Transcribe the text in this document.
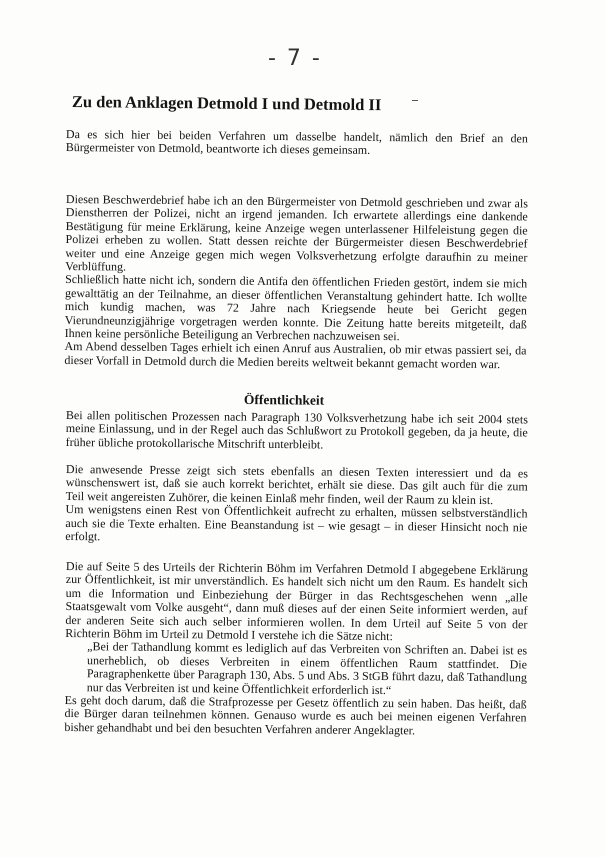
- 7 -
Zu den Anklagen Detmold I und Detmold II

Da es sich hier bei beiden Verfahren um dasselbe handelt, nämlich den Brief an den Bürgermeister von Detmold, beantworte ich dieses gemeinsam.

Diesen Beschwerdebrief habe ich an den Bürgermeister von Detmold geschrieben und zwar als Dienstherren der Polizei, nicht an irgend jemanden. Ich erwartete allerdings eine dankende Bestätigung für meine Erklärung, keine Anzeige wegen unterlassener Hilfeleistung gegen die Polizei erheben zu wollen. Statt dessen reichte der Bürgermeister diesen Beschwerdebrief weiter und eine Anzeige gegen mich wegen Volksverhetzung erfolgte daraufhin zu meiner Verblüffung.

Schließlich hatte nicht ich, sondern die Antifa den öffentlichen Frieden gestört, indem sie mich gewalttätig an der Teilnahme, an dieser öffentlichen Veranstaltung gehindert hatte. Ich wollte mich kundig machen, was 72 Jahre nach Kriegsende heute bei Gericht gegen Vierundneunzigjährige vorgetragen werden konnte. Die Zeitung hatte bereits mitgeteilt, daß Ihnen keine persönliche Beteiligung an Verbrechen nachzuweisen sei.

Am Abend desselben Tages erhielt ich einen Anruf aus Australien, ob mir etwas passiert sei, da dieser Vorfall in Detmold durch die Medien bereits weltweit bekannt gemacht worden war.

Öffentlichkeit

Bei allen politischen Prozessen nach Paragraph 130 Volksverhetzung habe ich seit 2004 stets meine Einlassung, und in der Regel auch das Schlußwort zu Protokoll gegeben, da ja heute, die früher übliche protokollarische Mitschrift unterbleibt.

Die anwesende Presse zeigt sich stets ebenfalls an diesen Texten interessiert und da es wünschenswert ist, daß sie auch korrekt berichtet, erhält sie diese. Das gilt auch für die zum Teil weit angereisten Zuhörer, die keinen Einlaß mehr finden, weil der Raum zu klein ist.

Um wenigstens einen Rest von Öffentlichkeit aufrecht zu erhalten, müssen selbstverständlich auch sie die Texte erhalten. Eine Beanstandung ist – wie gesagt – in dieser Hinsicht noch nie erfolgt.

Die auf Seite 5 des Urteils der Richterin Böhm im Verfahren Detmold I abgegebene Erklärung zur Öffentlichkeit, ist mir unverständlich. Es handelt sich nicht um den Raum. Es handelt sich um die Information und Einbeziehung der Bürger in das Rechtsgeschehen wenn „alle Staatsgewalt vom Volke ausgeht“, dann muß dieses auf der einen Seite informiert werden, auf der anderen Seite sich auch selber informieren wollen. In dem Urteil auf Seite 5 von der Richterin Böhm im Urteil zu Detmold I verstehe ich die Sätze nicht:

„Bei der Tathandlung kommt es lediglich auf das Verbreiten von Schriften an. Dabei ist es unerheblich, ob dieses Verbreiten in einem öffentlichen Raum stattfindet. Die Paragraphenkette über Paragraph 130, Abs. 5 und Abs. 3 StGB führt dazu, daß Tathandlung nur das Verbreiten ist und keine Öffentlichkeit erforderlich ist.“

Es geht doch darum, daß die Strafprozesse per Gesetz öffentlich zu sein haben. Das heißt, daß die Bürger daran teilnehmen können. Genauso wurde es auch bei meinen eigenen Verfahren bisher gehandhabt und bei den besuchten Verfahren anderer Angeklagter.
